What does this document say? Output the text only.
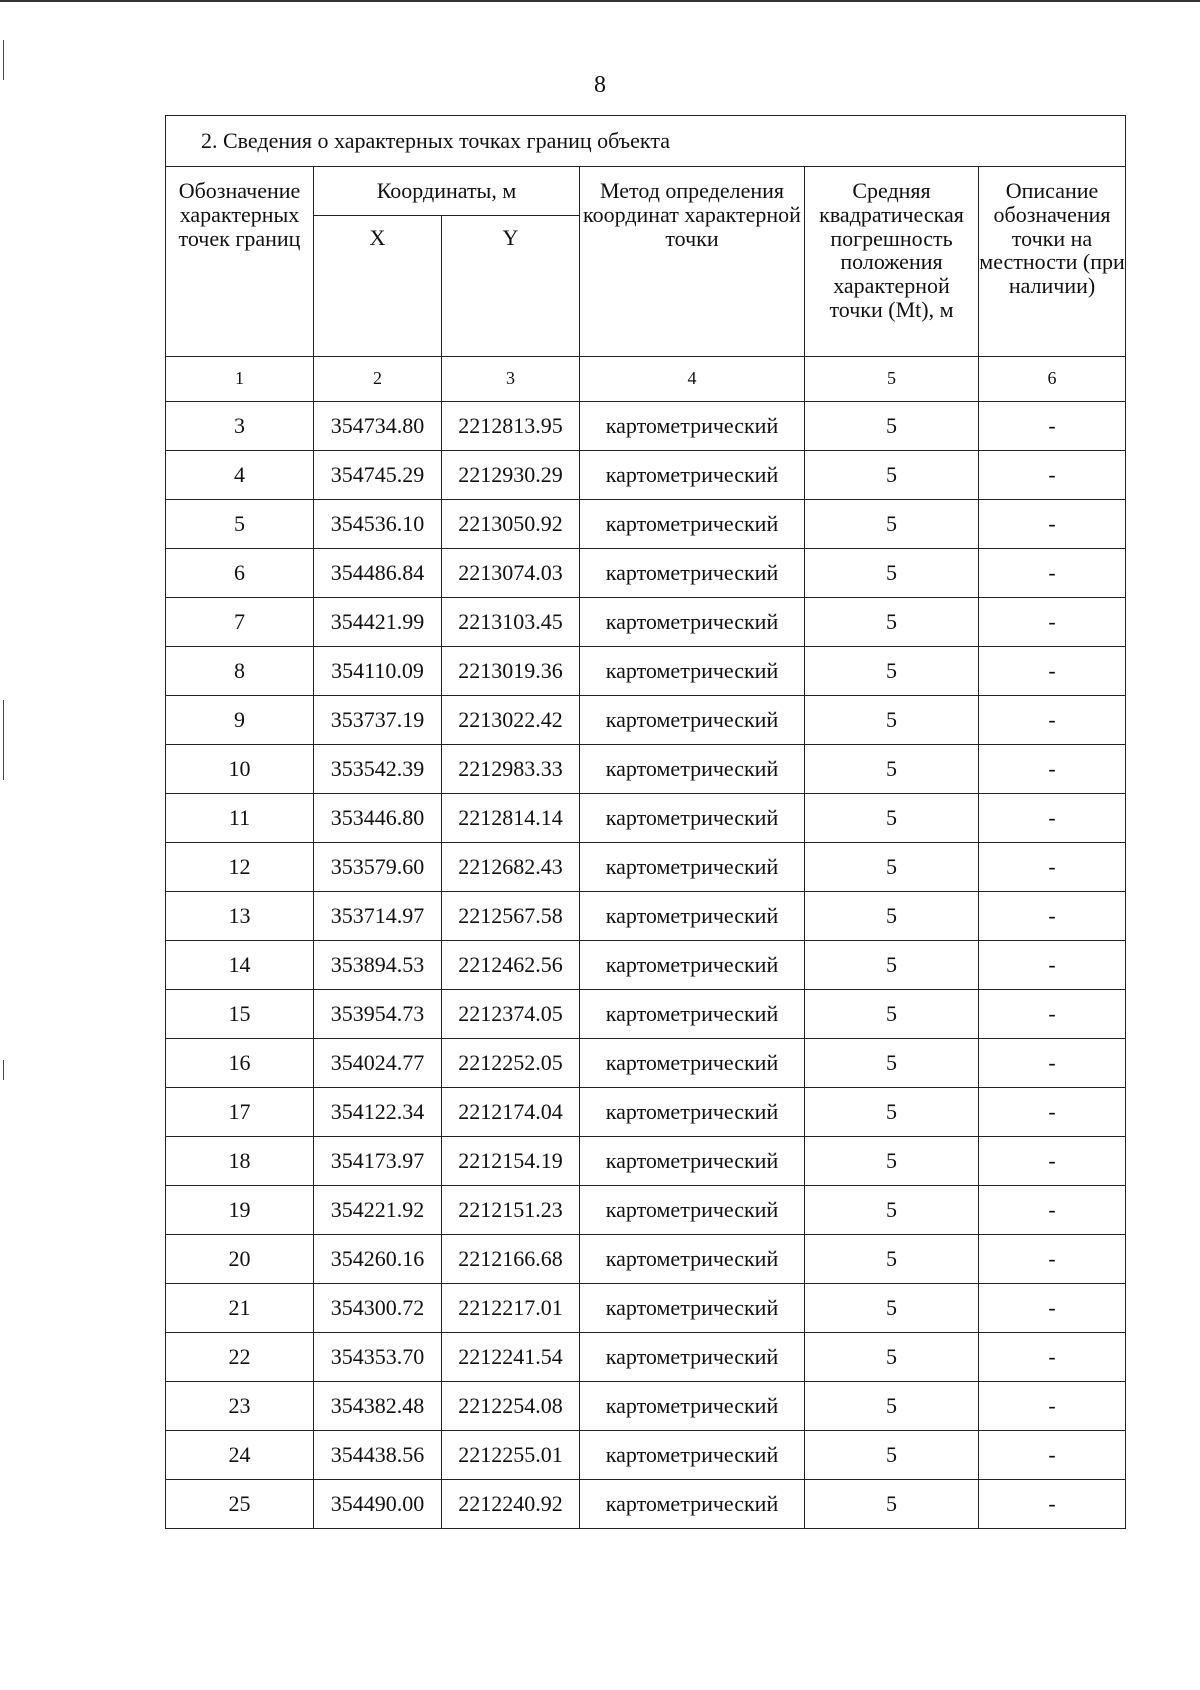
8
2. Сведения о характерных точках границ объекта					
Обозначение характерных точек границ	Координаты, м		Метод определения координат характерной точки	Средняя квадратическая погрешность положения характерной точки (Mt), м	Описание обозначения точки на местности (при наличии)
	X	Y			
1	2	3	4	5	6
3	354734.80	2212813.95	картометрический	5	-
4	354745.29	2212930.29	картометрический	5	-
5	354536.10	2213050.92	картометрический	5	-
6	354486.84	2213074.03	картометрический	5	-
7	354421.99	2213103.45	картометрический	5	-
8	354110.09	2213019.36	картометрический	5	-
9	353737.19	2213022.42	картометрический	5	-
10	353542.39	2212983.33	картометрический	5	-
11	353446.80	2212814.14	картометрический	5	-
12	353579.60	2212682.43	картометрический	5	-
13	353714.97	2212567.58	картометрический	5	-
14	353894.53	2212462.56	картометрический	5	-
15	353954.73	2212374.05	картометрический	5	-
16	354024.77	2212252.05	картометрический	5	-
17	354122.34	2212174.04	картометрический	5	-
18	354173.97	2212154.19	картометрический	5	-
19	354221.92	2212151.23	картометрический	5	-
20	354260.16	2212166.68	картометрический	5	-
21	354300.72	2212217.01	картометрический	5	-
22	354353.70	2212241.54	картометрический	5	-
23	354382.48	2212254.08	картометрический	5	-
24	354438.56	2212255.01	картометрический	5	-
25	354490.00	2212240.92	картометрический	5	-
